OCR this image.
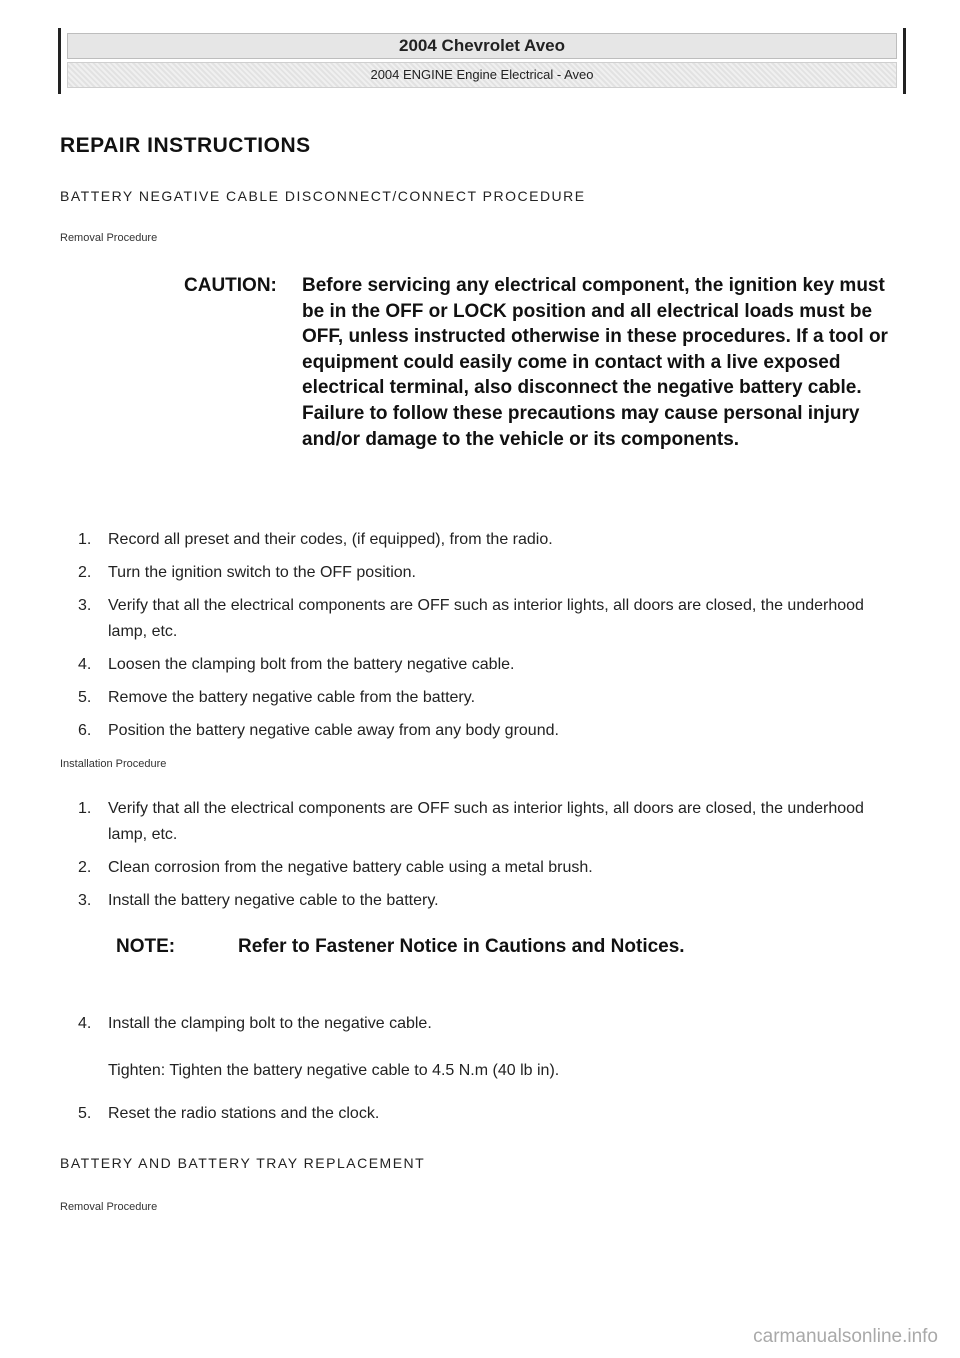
2004 Chevrolet Aveo
2004 ENGINE Engine Electrical - Aveo
REPAIR INSTRUCTIONS
BATTERY NEGATIVE CABLE DISCONNECT/CONNECT PROCEDURE
Removal Procedure
CAUTION: Before servicing any electrical component, the ignition key must be in the OFF or LOCK position and all electrical loads must be OFF, unless instructed otherwise in these procedures. If a tool or equipment could easily come in contact with a live exposed electrical terminal, also disconnect the negative battery cable. Failure to follow these precautions may cause personal injury and/or damage to the vehicle or its components.
1. Record all preset and their codes, (if equipped), from the radio.
2. Turn the ignition switch to the OFF position.
3. Verify that all the electrical components are OFF such as interior lights, all doors are closed, the underhood lamp, etc.
4. Loosen the clamping bolt from the battery negative cable.
5. Remove the battery negative cable from the battery.
6. Position the battery negative cable away from any body ground.
Installation Procedure
1. Verify that all the electrical components are OFF such as interior lights, all doors are closed, the underhood lamp, etc.
2. Clean corrosion from the negative battery cable using a metal brush.
3. Install the battery negative cable to the battery.
NOTE:	Refer to Fastener Notice in Cautions and Notices.
4. Install the clamping bolt to the negative cable.
Tighten: Tighten the battery negative cable to 4.5 N.m (40 lb in).
5. Reset the radio stations and the clock.
BATTERY AND BATTERY TRAY REPLACEMENT
Removal Procedure
carmanualsonline.info
